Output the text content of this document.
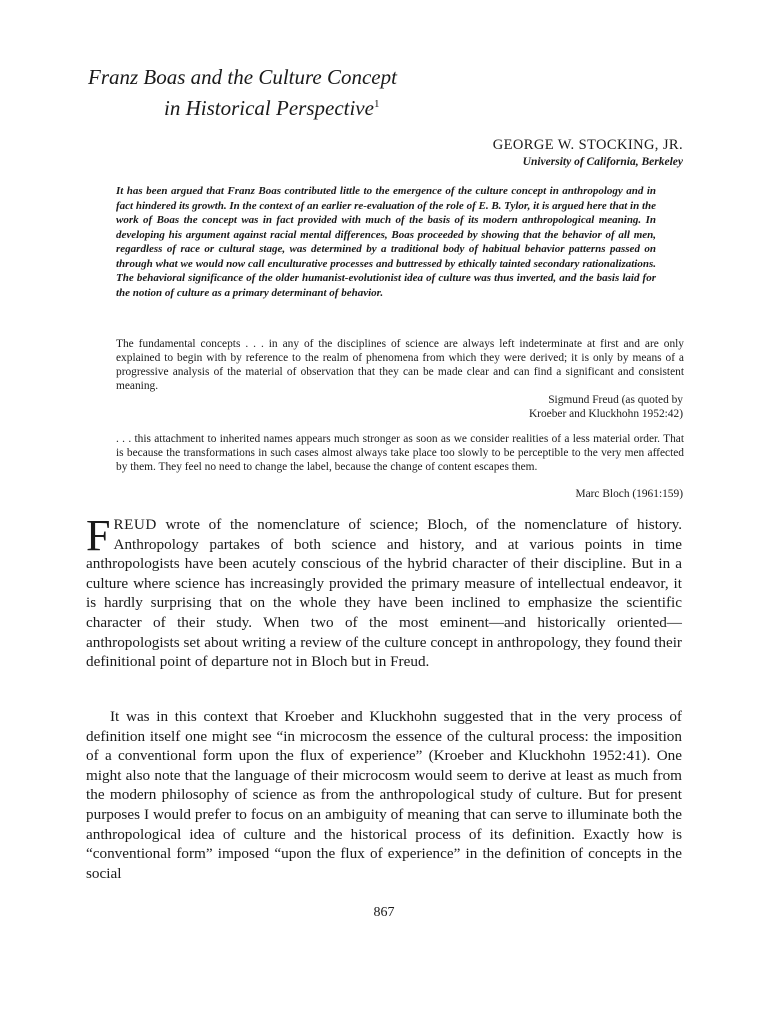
Franz Boas and the Culture Concept
in Historical Perspective$^1$
GEORGE W. STOCKING, JR.
University of California, Berkeley

It has been argued that Franz Boas contributed little to the emergence of the culture concept in anthropology and in fact hindered its growth. In the context of an earlier re-evaluation of the role of E. B. Tylor, it is argued here that in the work of Boas the concept was in fact provided with much of the basis of its modern anthropological meaning. In developing his argument against racial mental differences, Boas proceeded by showing that the behavior of all men, regardless of race or cultural stage, was determined by a traditional body of habitual behavior patterns passed on through what we would now call enculturative processes and buttressed by ethically tainted secondary rationalizations. The behavioral significance of the older humanist-evolutionist idea of culture was thus inverted, and the basis laid for the notion of culture as a primary determinant of behavior.

The fundamental concepts . . . in any of the disciplines of science are always left indeterminate at first and are only explained to begin with by reference to the realm of phenomena from which they were derived; it is only by means of a progressive analysis of the material of observation that they can be made clear and can find a significant and consistent meaning.

Sigmund Freud (as quoted by
Kroeber and Kluckhohn 1952:42)

. . . this attachment to inherited names appears much stronger as soon as we consider realities of a less material order. That is because the transformations in such cases almost always take place too slowly to be perceptible to the very men affected by them. They feel no need to change the label, because the change of content escapes them.

Marc Bloch (1961:159)

FREUD wrote of the nomenclature of science; Bloch, of the nomenclature of history. Anthropology partakes of both science and history, and at various points in time anthropologists have been acutely conscious of the hybrid character of their discipline. But in a culture where science has increasingly provided the primary measure of intellectual endeavor, it is hardly surprising that on the whole they have been inclined to emphasize the scientific character of their study. When two of the most eminent—and historically oriented—anthropologists set about writing a review of the culture concept in anthropology, they found their definitional point of departure not in Bloch but in Freud.

It was in this context that Kroeber and Kluckhohn suggested that in the very process of definition itself one might see “in microcosm the essence of the cultural process: the imposition of a conventional form upon the flux of experience” (Kroeber and Kluckhohn 1952:41). One might also note that the language of their microcosm would seem to derive at least as much from the modern philosophy of science as from the anthropological study of culture. But for present purposes I would prefer to focus on an ambiguity of meaning that can serve to illuminate both the anthropological idea of culture and the historical process of its definition. Exactly how is “conventional form” imposed “upon the flux of experience” in the definition of concepts in the social

867
